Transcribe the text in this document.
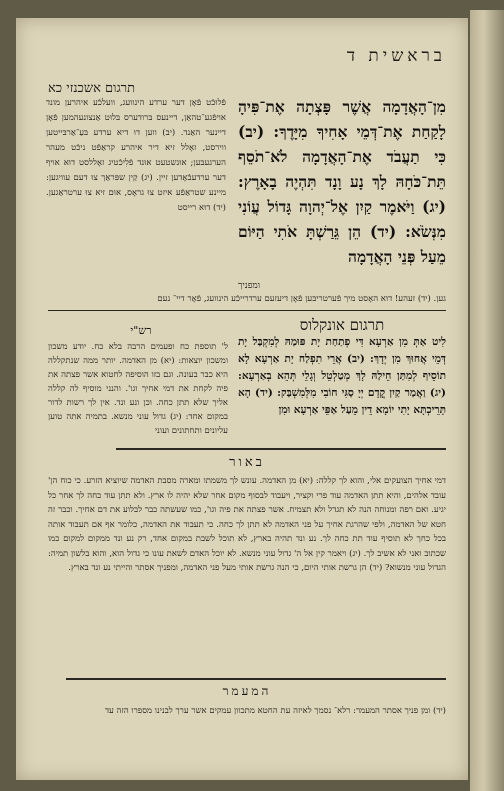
בראשית ד
תרגום אשכנזי כא
מִן־הָאֲדָמָה אֲשֶׁר פָּצְתָה אֶת־פִּיהָ לָקַחַת אֶת־דְּמֵי אָחִיךָ מִיָּדֶךָ: (יב) כִּי תַעֲבֹד אֶת־הָאֲדָמָה לֹא־תֹסֵף תֵּת־כֹּחָהּ לָךְ נָע וָנָד תִּהְיֶה בָאָרֶץ: (יג) וַיֹּאמֶר קַיִן אֶל־יְהוָה גָּדוֹל עֲוֹנִי מִנְּשֹׂא: (יד) הֵן גֵּרַשְׁתָּ אֹתִי הַיּוֹם מֵעַל פְּנֵי הָאֲדָמָה
פֿלוּכֿט פֿאָן דער ערדע הינוועג, וועלכֿע איהרען מונד אױפֿגע־טהאַן, דיינעס בּרודערס בּלוּט אַנצונעהמען פֿאָן דיינער האַנד. (יב) ווען דוּ דיא ערדע בּעַ־אַרבּייטען ווירסט, זאָלל זיא דיר איהרע קראַפֿט ניכֿט מעהר הערגעבּען; אוּנשטעט אוּנד פֿלִיכֿטיג זאָללסט דוּא אױף דער ערדעבֿאָדען זיין. (יג) קַין שפּראַך צוּ דעם עוויגען: מיינע שטראַפֿע איזט צוּ גראָס, אוּם זיא צוּ ערטראַגען. (יד) דוּא רייסט
ומפניך
גען. (יד) זעהע! דוּא האָסט מיך פֿערטריבּען פֿאָן דיעזעם ערדרייכֿע הינוועג, פֿאָר דיי־ נעם
תרגום אונקלוס
לִיט אַתְּ מִן אַרְעָא דִּי פְתַחַת יָת פּוּמַהּ לְמִקְבַּל יָת דְּמֵי אֲחוּךְ מִן יְדָךְ: (יב) אֲרֵי תִפְלַח יָת אַרְעָא לָא תוֹסֵיף לְמִתַּן חֵילַהּ לָךְ מְטַלְטֵל וְגָלֵי תְּהֵא בְאַרְעָא: (יג) וַאֲמַר קַיִן קֳדָם יְיָ סַגִּי חוֹבִי מִלְּמִשְׁבַּק: (יד) הָא תָּרֵיכְתָּא יָתִי יוֹמָא דֵין מֵעַל אַפֵּי אַרְעָא וּמִן
רש"י
ל' תוספת כח ופעמים הרבה בלא כח. יודע משכון ומשכון יוצאות: (יא) מן האדמה. יותר ממה שנתקללה היא כבר בעונה. וגם בזו הוסיפה לחטוא אשר פצתה את פיה לקחת את דמי אחיך וגו'. והנני מוסיף לה קללה אליך שלא תתן כחה. וכן ונע ונד. אין לך רשות לדור במקום אחד: (יג) גדול עוני מנשא. בתמיה אתה טוען עליונים ותחתונים ועוני
באור
דמי אחיך הצועקים אלי, והוא לך קללה: (יא) מן האדמה. עונש לך משמתו ומארה מסבת האדמה שיוציא הזרע. כי כוח הן' עובד אלהים, והיא תתן האדמה עוד פרי וקציר, ויעבוד לבסוף מקום אחר שלא יהיה לו ארץ. ולא תתן עוד כחה לך אחר כל יגיע. ואם רפה ומנוחה הנה לא תגדל ולא תצמיח. אשר פצתה את פיה וגו', כמו שעשתה כבר לבלוע את דם אחיך. וכבר זה חטא של האדמה, ולפי שהרגת אחיך על פני האדמה לא תתן לך כחה. כי תעבוד את האדמה, כלומר אף אם תעבוד אותה בכל כחך לא תוסיף עוד תת כחה לך. נע ונד תהיה בארץ, לא תוכל לשבת במקום אחד, רק נע ונד ממקום למקום כמו שכתוב ואני לא אשיב לך. (יג) ויאמר קין אל ה' גדול עוני מנשא. לא יוכל האדם לשאת עונו כי גדול הוא, והוא בלשון תמיה: הגדול עוני מנשוא? (יד) הן גרשת אותי היום, כי הנה גרשת אותי מעל פני האדמה, ומפניך אסתר והייתי נע ונד בארץ.
המעמר
(יד) ומן פניך אסתר המעמר: רלא־ נסמך לאיזה עת החטא מתכוון עמקים אשר ערך לבנינו מספרו הזה עד
